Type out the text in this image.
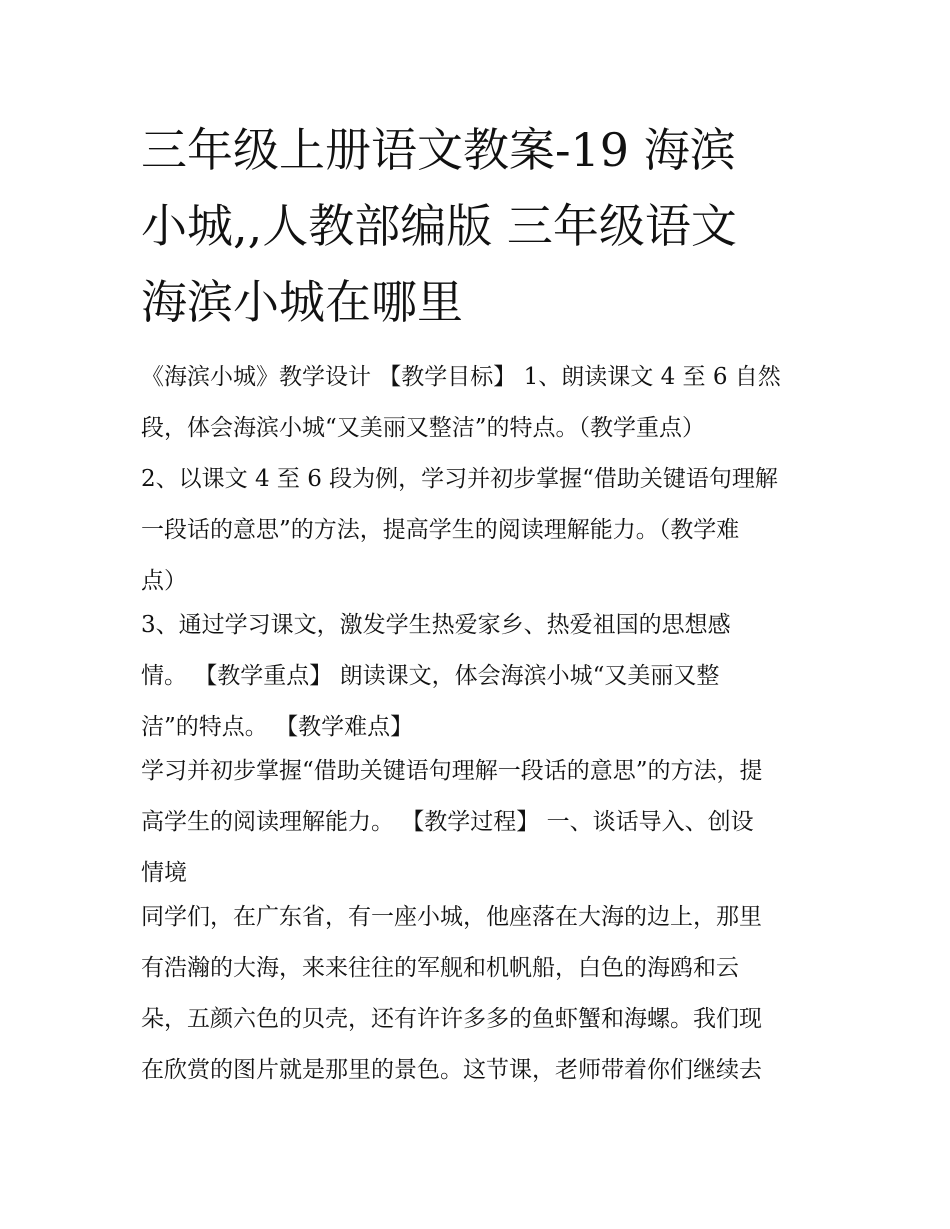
三年级上册语文教案-19 海滨
小城,,人教部编版 三年级语文
海滨小城在哪里
《海滨小城》教学设计 【教学目标】 1、朗读课文 4 至 6 自然
段，体会海滨小城“又美丽又整洁”的特点。（教学重点）
2、以课文 4 至 6 段为例，学习并初步掌握“借助关键语句理解
一段话的意思”的方法，提高学生的阅读理解能力。（教学难
点）
3、通过学习课文，激发学生热爱家乡、热爱祖国的思想感
情。 【教学重点】 朗读课文，体会海滨小城“又美丽又整
洁”的特点。 【教学难点】
学习并初步掌握“借助关键语句理解一段话的意思”的方法，提
高学生的阅读理解能力。 【教学过程】 一、谈话导入、创设
情境
同学们，在广东省，有一座小城，他座落在大海的边上，那里
有浩瀚的大海，来来往往的军舰和机帆船，白色的海鸥和云
朵，五颜六色的贝壳，还有许许多多的鱼虾蟹和海螺。我们现
在欣赏的图片就是那里的景色。这节课，老师带着你们继续去
